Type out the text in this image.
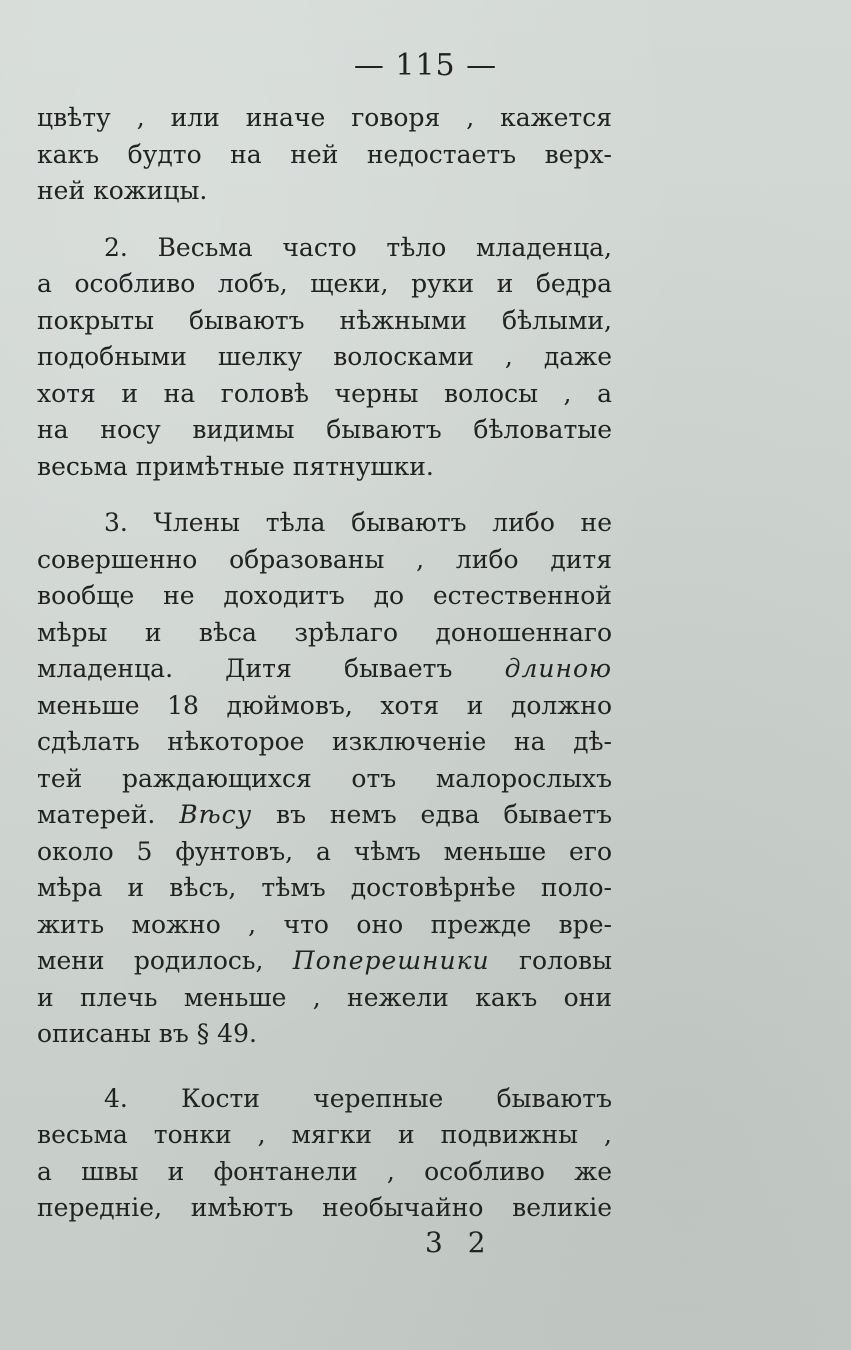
— 115 —
цвѣту , или иначе говоря , кажется
какъ будто на ней недостаетъ верх-
ней кожицы.
2. Весьма часто тѣло младенца,
а особливо лобъ, щеки, руки и бедра
покрыты бываютъ нѣжными бѣлыми,
подобными шелку волосками , даже
хотя и на головѣ черны волосы , а
на носу видимы бываютъ бѣловатые
весьма примѣтные пятнушки.
3. Члены тѣла бываютъ либо не
совершенно образованы , либо дитя
вообще не доходитъ до естественной
мѣры и вѣса зрѣлаго доношеннаго
младенца. Дитя бываетъ длиною
меньше 18 дюймовъ, хотя и должно
сдѣлать нѣкоторое изключеніе на дѣ-
тей раждающихся отъ малорослыхъ
матерей. Вѣсу въ немъ едва бываетъ
около 5 фунтовъ, а чѣмъ меньше его
мѣра и вѣсъ, тѣмъ достовѣрнѣе поло-
жить можно , что оно прежде вре-
мени родилось, Поперешники головы
и плечь меньше , нежели какъ они
описаны въ § 49.
4. Кости черепные бываютъ
весьма тонки , мягки и подвижны ,
а швы и фонтанели , особливо же
передніе, имѣютъ необычайно великіе
3 2
